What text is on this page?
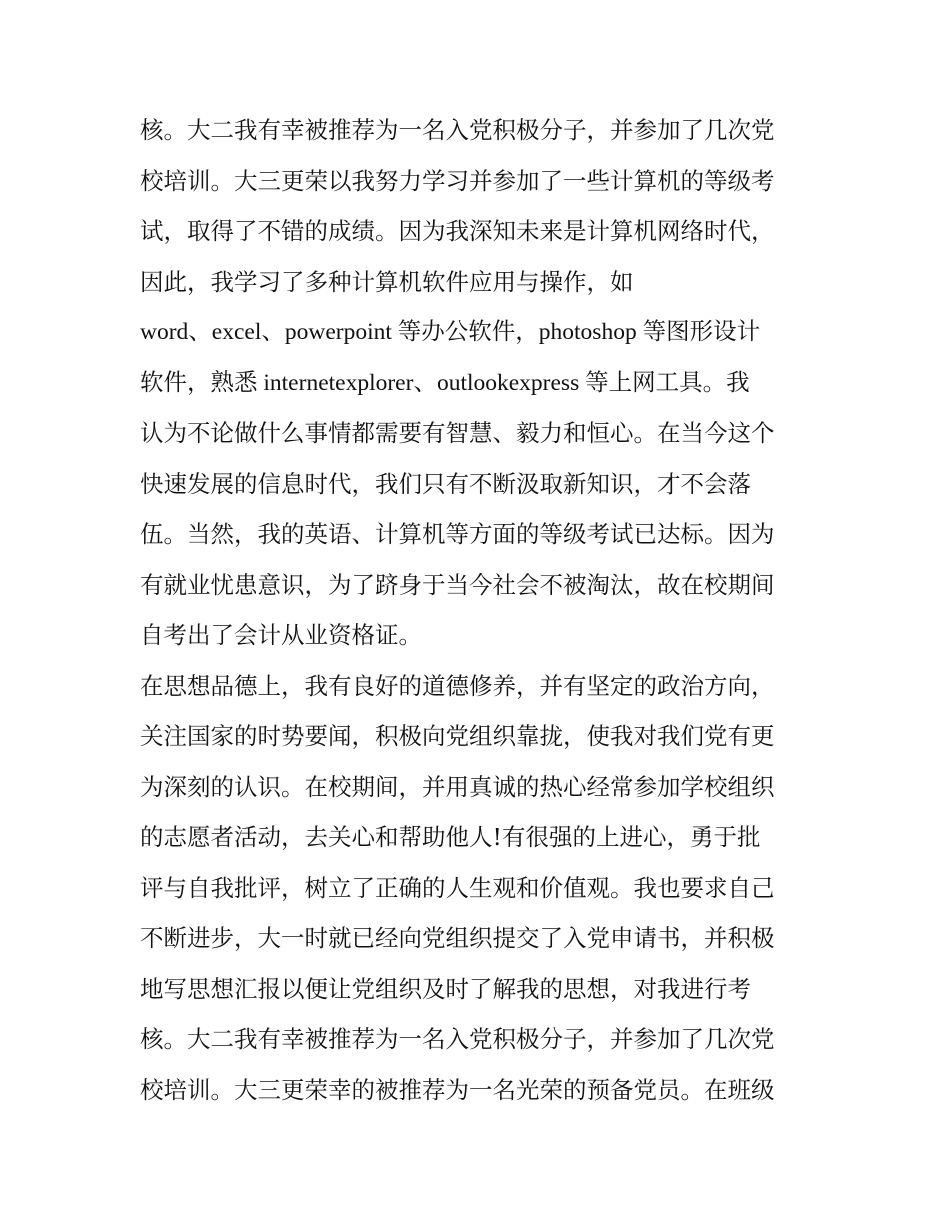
核。大二我有幸被推荐为一名入党积极分子，并参加了几次党

校培训。大三更荣以我努力学习并参加了一些计算机的等级考

试，取得了不错的成绩。因为我深知未来是计算机网络时代，

因此，我学习了多种计算机软件应用与操作，如

word、excel、powerpoint 等办公软件，photoshop 等图形设计

软件，熟悉 internetexplorer、outlookexpress 等上网工具。我

认为不论做什么事情都需要有智慧、毅力和恒心。在当今这个

快速发展的信息时代，我们只有不断汲取新知识，才不会落

伍。当然，我的英语、计算机等方面的等级考试已达标。因为

有就业忧患意识，为了跻身于当今社会不被淘汰，故在校期间

自考出了会计从业资格证。

在思想品德上，我有良好的道德修养，并有坚定的政治方向，

关注国家的时势要闻，积极向党组织靠拢，使我对我们党有更

为深刻的认识。在校期间，并用真诚的热心经常参加学校组织

的志愿者活动，去关心和帮助他人!有很强的上进心，勇于批

评与自我批评，树立了正确的人生观和价值观。我也要求自己

不断进步，大一时就已经向党组织提交了入党申请书，并积极

地写思想汇报以便让党组织及时了解我的思想，对我进行考

核。大二我有幸被推荐为一名入党积极分子，并参加了几次党

校培训。大三更荣幸的被推荐为一名光荣的预备党员。在班级
